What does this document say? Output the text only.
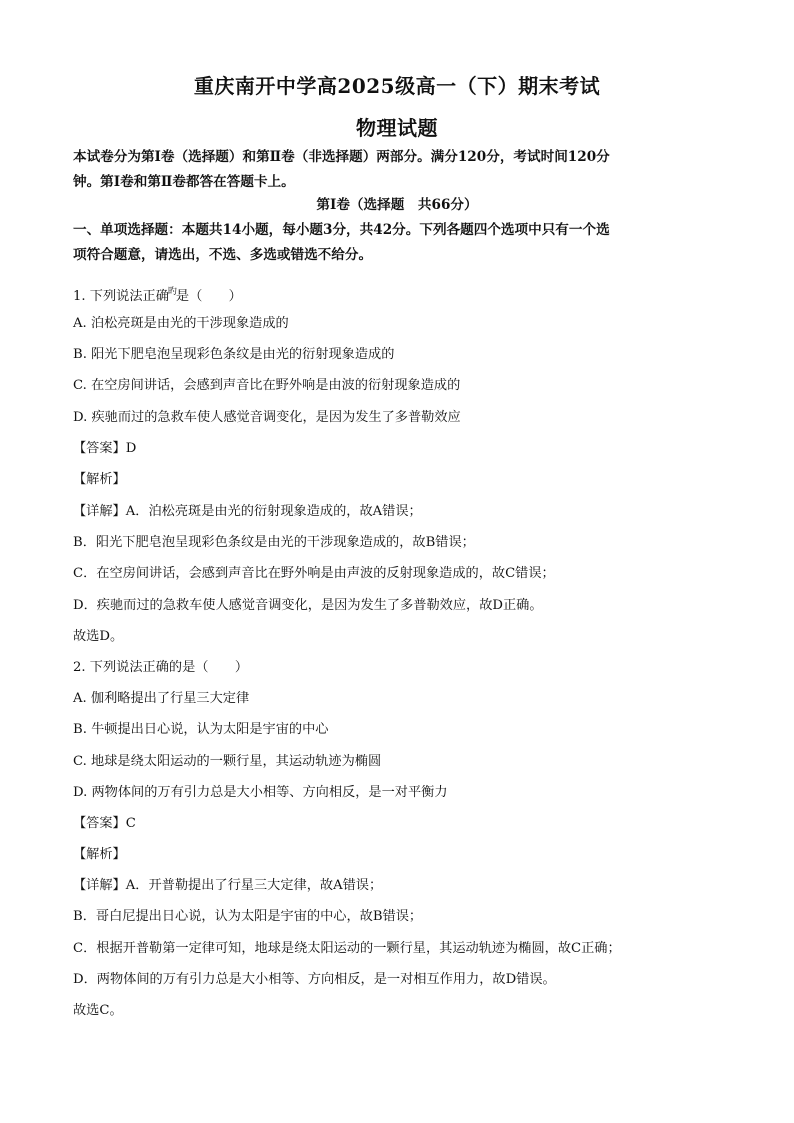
重庆南开中学高2025级高一（下）期末考试
物理试题
本试卷分为第Ⅰ卷（选择题）和第Ⅱ卷（非选择题）两部分。满分120分，考试时间120分
钟。第Ⅰ卷和第Ⅱ卷都答在答题卡上。
第Ⅰ卷（选择题　共66分）
一、单项选择题：本题共14小题，每小题3分，共42分。下列各题四个选项中只有一个选
项符合题意，请选出，不选、多选或错选不给分。
1. 下列说法正确旳是（　　）
A. 泊松亮斑是由光的干涉现象造成的
B. 阳光下肥皂泡呈现彩色条纹是由光的衍射现象造成的
C. 在空房间讲话，会感到声音比在野外响是由波的衍射现象造成的
D. 疾驰而过的急救车使人感觉音调变化，是因为发生了多普勒效应
【答案】D
【解析】
【详解】A．泊松亮斑是由光的衍射现象造成的，故A错误；
B．阳光下肥皂泡呈现彩色条纹是由光的干涉现象造成的，故B错误；
C．在空房间讲话，会感到声音比在野外响是由声波的反射现象造成的，故C错误；
D．疾驰而过的急救车使人感觉音调变化，是因为发生了多普勒效应，故D正确。
故选D。
2. 下列说法正确的是（　　）
A. 伽利略提出了行星三大定律
B. 牛顿提出日心说，认为太阳是宇宙的中心
C. 地球是绕太阳运动的一颗行星，其运动轨迹为椭圆
D. 两物体间的万有引力总是大小相等、方向相反，是一对平衡力
【答案】C
【解析】
【详解】A．开普勒提出了行星三大定律，故A错误；
B．哥白尼提出日心说，认为太阳是宇宙的中心，故B错误；
C．根据开普勒第一定律可知，地球是绕太阳运动的一颗行星，其运动轨迹为椭圆，故C正确；
D．两物体间的万有引力总是大小相等、方向相反，是一对相互作用力，故D错误。
故选C。
